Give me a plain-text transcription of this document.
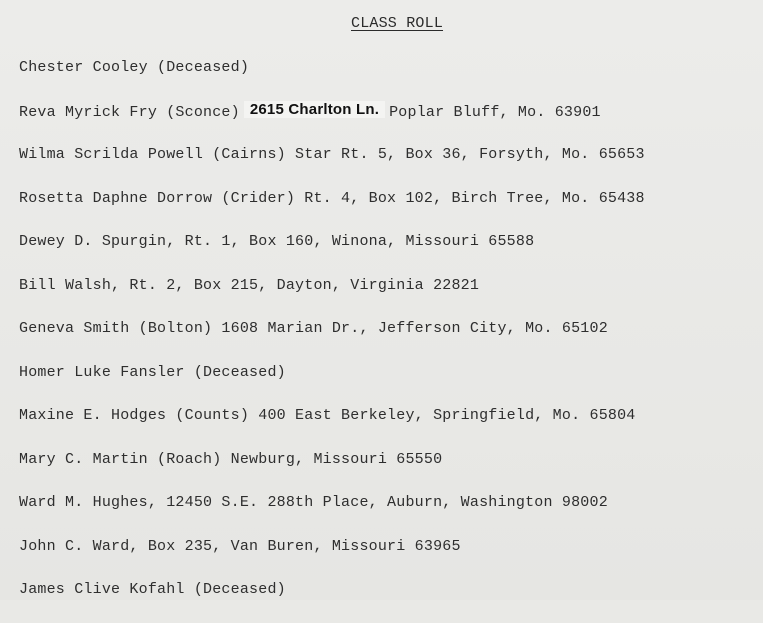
CLASS ROLL
Chester Cooley (Deceased)
Reva Myrick Fry (Sconce) 2615 Charlton Ln. Poplar Bluff, Mo. 63901
Wilma Scrilda Powell (Cairns) Star Rt. 5, Box 36, Forsyth, Mo. 65653
Rosetta Daphne Dorrow (Crider) Rt. 4, Box 102, Birch Tree, Mo. 65438
Dewey D. Spurgin, Rt. 1, Box 160, Winona, Missouri 65588
Bill Walsh, Rt. 2, Box 215, Dayton, Virginia 22821
Geneva Smith (Bolton) 1608 Marian Dr., Jefferson City, Mo. 65102
Homer Luke Fansler (Deceased)
Maxine E. Hodges (Counts) 400 East Berkeley, Springfield, Mo. 65804
Mary C. Martin (Roach) Newburg, Missouri 65550
Ward M. Hughes, 12450 S.E. 288th Place, Auburn, Washington 98002
John C. Ward, Box 235, Van Buren, Missouri 63965
James Clive Kofahl (Deceased)
